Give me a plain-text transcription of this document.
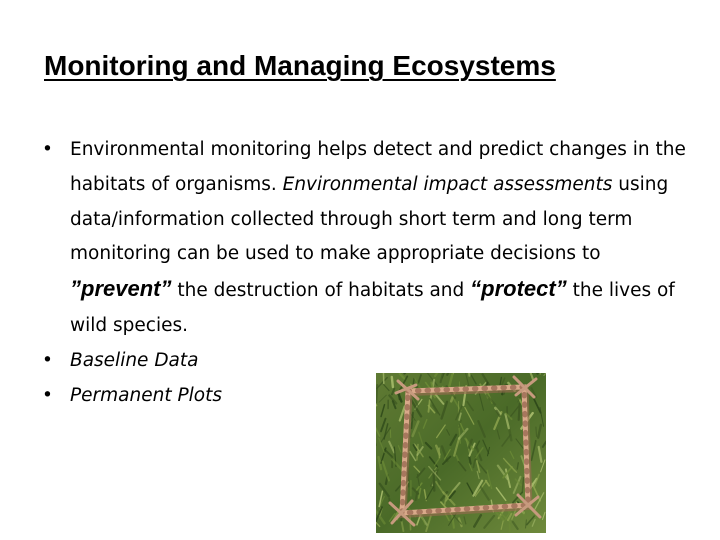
Monitoring and Managing Ecosystems
• Environmental monitoring helps detect and predict changes in the habitats of organisms. Environmental impact assessments using data/information collected through short term and long term monitoring can be used to make appropriate decisions to ”prevent” the destruction of habitats and “protect” the lives of wild species.
• Baseline Data
• Permanent Plots
